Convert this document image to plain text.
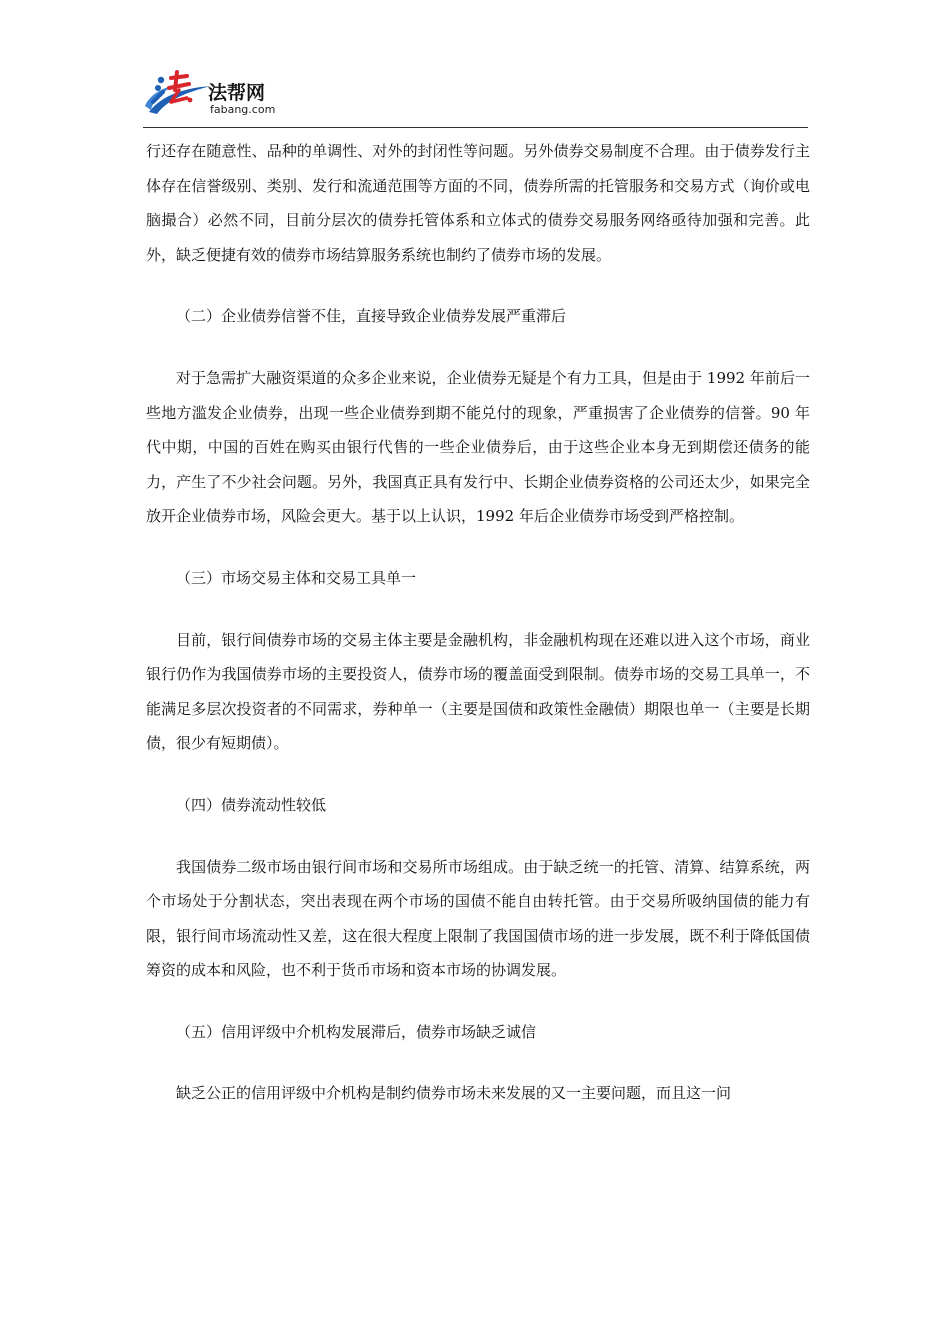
法帮网
fabang.com

行还存在随意性、品种的单调性、对外的封闭性等问题。另外债券交易制度不合理。由于债券发行主体存在信誉级别、类别、发行和流通范围等方面的不同，债券所需的托管服务和交易方式（询价或电脑撮合）必然不同，目前分层次的债券托管体系和立体式的债券交易服务网络亟待加强和完善。此外，缺乏便捷有效的债券市场结算服务系统也制约了债券市场的发展。

（二）企业债券信誉不佳，直接导致企业债券发展严重滞后

对于急需扩大融资渠道的众多企业来说，企业债券无疑是个有力工具，但是由于 1992 年前后一些地方滥发企业债券，出现一些企业债券到期不能兑付的现象，严重损害了企业债券的信誉。90 年代中期，中国的百姓在购买由银行代售的一些企业债券后，由于这些企业本身无到期偿还债务的能力，产生了不少社会问题。另外，我国真正具有发行中、长期企业债券资格的公司还太少，如果完全放开企业债券市场，风险会更大。基于以上认识，1992 年后企业债券市场受到严格控制。

（三）市场交易主体和交易工具单一

目前，银行间债券市场的交易主体主要是金融机构，非金融机构现在还难以进入这个市场，商业银行仍作为我国债券市场的主要投资人，债券市场的覆盖面受到限制。债券市场的交易工具单一，不能满足多层次投资者的不同需求，券种单一（主要是国债和政策性金融债）期限也单一（主要是长期债，很少有短期债）。

（四）债券流动性较低

我国债券二级市场由银行间市场和交易所市场组成。由于缺乏统一的托管、清算、结算系统，两个市场处于分割状态，突出表现在两个市场的国债不能自由转托管。由于交易所吸纳国债的能力有限，银行间市场流动性又差，这在很大程度上限制了我国国债市场的进一步发展，既不利于降低国债筹资的成本和风险，也不利于货币市场和资本市场的协调发展。

（五）信用评级中介机构发展滞后，债券市场缺乏诚信

缺乏公正的信用评级中介机构是制约债券市场未来发展的又一主要问题，而且这一问
